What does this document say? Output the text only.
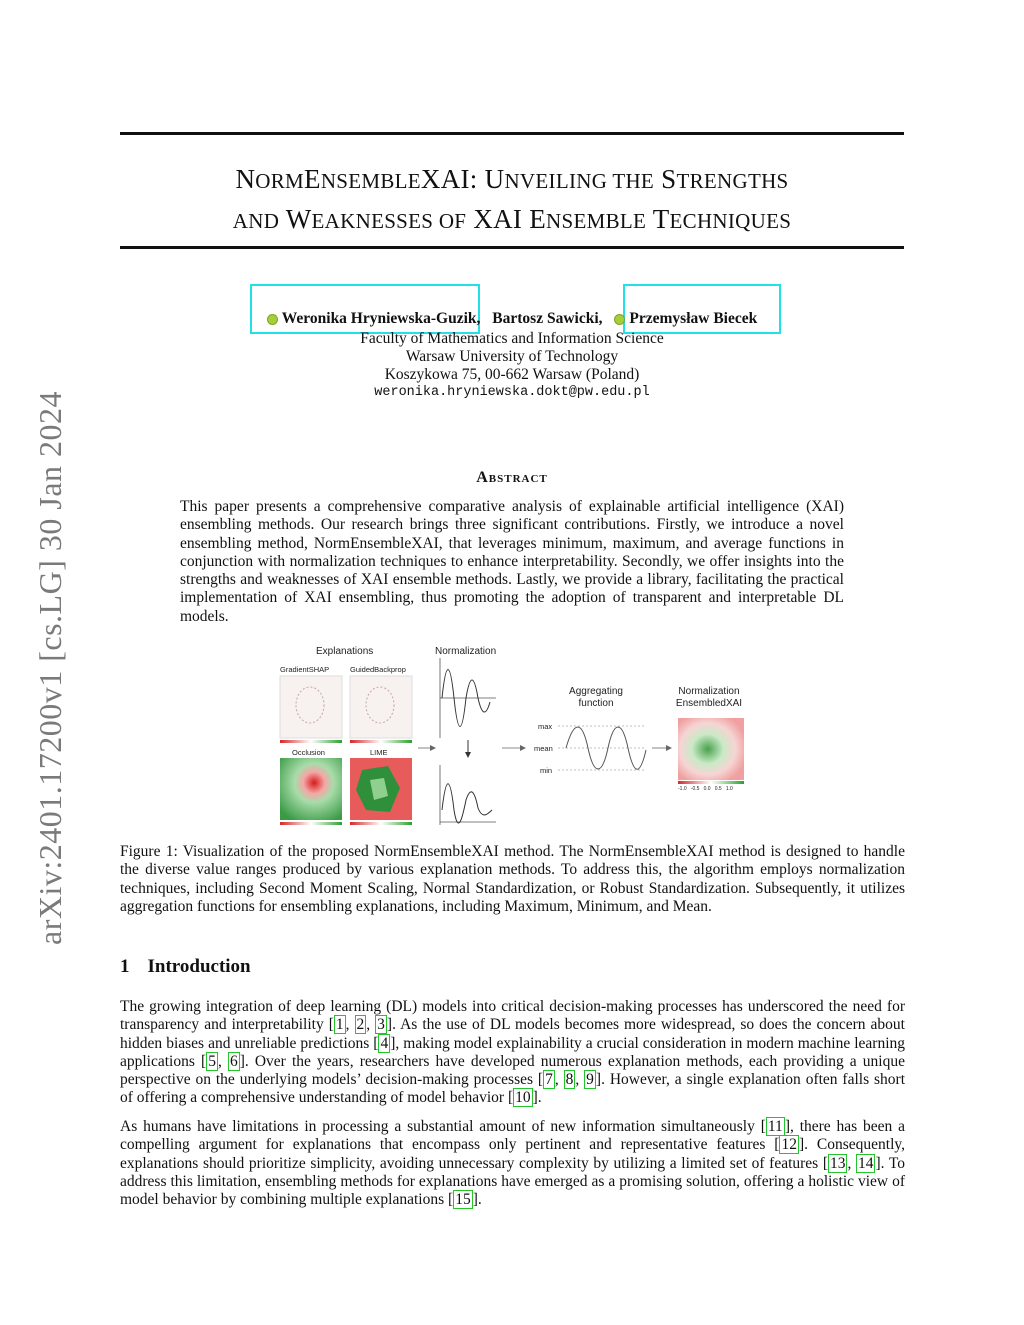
arXiv:2401.17200v1 [cs.LG] 30 Jan 2024
NORMENSEMBLEXAI: UNVEILING THE STRENGTHS
AND WEAKNESSES OF XAI ENSEMBLE TECHNIQUES
Weronika Hryniewska-Guzik, Bartosz Sawicki, Przemysław Biecek
Faculty of Mathematics and Information Science
Warsaw University of Technology
Koszykowa 75, 00-662 Warsaw (Poland)
weronika.hryniewska.dokt@pw.edu.pl
Abstract
This paper presents a comprehensive comparative analysis of explainable artificial intelligence (XAI) ensembling methods. Our research brings three significant contributions. Firstly, we introduce a novel ensembling method, NormEnsembleXAI, that leverages minimum, maximum, and average functions in conjunction with normalization techniques to enhance interpretability. Secondly, we offer insights into the strengths and weaknesses of XAI ensemble methods. Lastly, we provide a library, facilitating the practical implementation of XAI ensembling, thus promoting the adoption of transparent and interpretable DL models.
Explanations	Normalization
GradientSHAP	GuidedBackprop
Occlusion	LIME
Aggregating
function
Normalization
EnsembledXAI
max
mean
min
-1.0 -0.5 0.0 0.5 1.0
Figure 1: Visualization of the proposed NormEnsembleXAI method. The NormEnsembleXAI method is designed to handle the diverse value ranges produced by various explanation methods. To address this, the algorithm employs normalization techniques, including Second Moment Scaling, Normal Standardization, or Robust Standardization. Subsequently, it utilizes aggregation functions for ensembling explanations, including Maximum, Minimum, and Mean.
1 Introduction
The growing integration of deep learning (DL) models into critical decision-making processes has underscored the need for transparency and interpretability [ 1 , 2 , 3 ]. As the use of DL models becomes more widespread, so does the concern about hidden biases and unreliable predictions [ 4 ], making model explainability a crucial consideration in modern machine learning applications [ 5 , 6 ]. Over the years, researchers have developed numerous explanation methods, each providing a unique perspective on the underlying models’ decision-making processes [ 7 , 8 , 9 ]. However, a single explanation often falls short of offering a comprehensive understanding of model behavior [ 10 ].
As humans have limitations in processing a substantial amount of new information simultaneously [ 11 ], there has been a compelling argument for explanations that encompass only pertinent and representative features [ 12 ]. Consequently, explanations should prioritize simplicity, avoiding unnecessary complexity by utilizing a limited set of features [ 13 , 14 ]. To address this limitation, ensembling methods for explanations have emerged as a promising solution, offering a holistic view of model behavior by combining multiple explanations [ 15 ].
